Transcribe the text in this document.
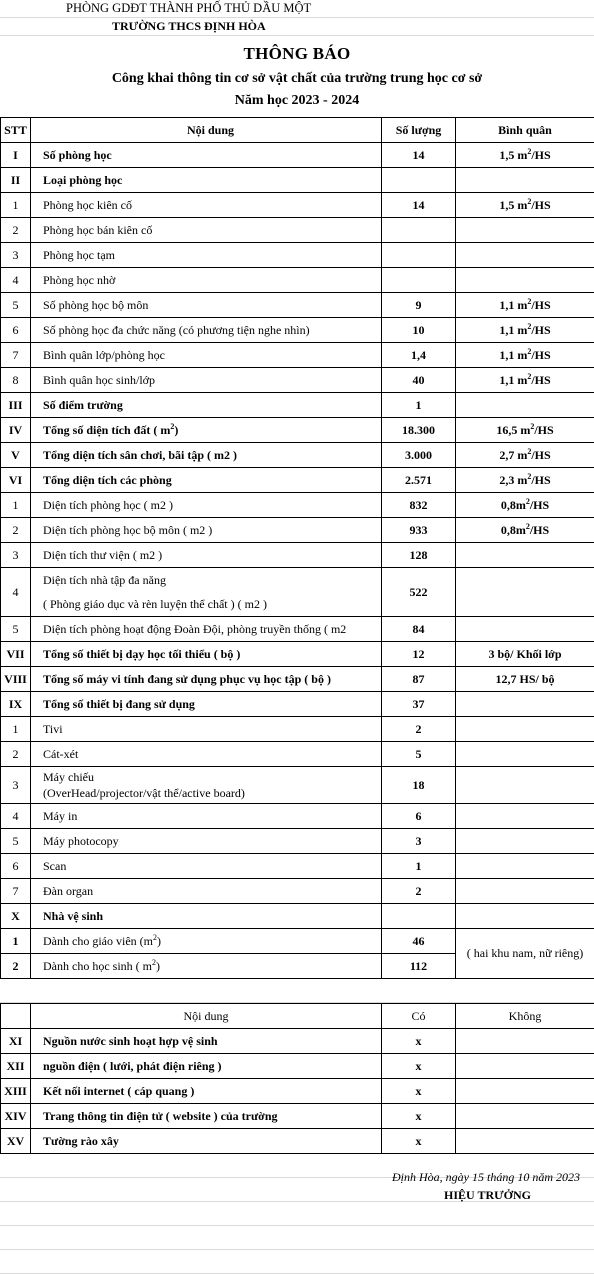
PHÒNG GDĐT THÀNH PHỐ THỦ DẦU MỘT
TRƯỜNG THCS ĐỊNH HÒA
THÔNG BÁO
Công khai thông tin cơ sở vật chất của trường trung học cơ sở
Năm học 2023 - 2024
STT	Nội dung	Số lượng	Bình quân
I	Số phòng học	14	1,5 $m^2/HS$
II	Loại phòng học		
1	Phòng học kiên cố	14	1,5 $m^2/HS$
2	Phòng học bán kiên cố		
3	Phòng học tạm		
4	Phòng học nhờ		
5	Số phòng học bộ môn	9	1,1 $m^2/HS$
6	Số phòng học đa chức năng (có phương tiện nghe nhìn)	10	1,1 $m^2/HS$
7	Bình quân lớp/phòng học	1,4	1,1 $m^2/HS$
8	Bình quân học sinh/lớp	40	1,1 $m^2/HS$
III	Số điểm trường	1	
IV	Tổng số diện tích đất ( $m^2$)	18.300	16,5 $m^2/HS$
V	Tổng diện tích sân chơi, bãi tập ( m2 )	3.000	2,7 $m^2/HS$
VI	Tổng diện tích các phòng	2.571	2,3 $m^2/HS$
1	Diện tích phòng học ( m2 )	832	$0,8m^2/HS$
2	Diện tích phòng học bộ môn ( m2 )	933	$0,8m^2/HS$
3	Diện tích thư viện ( m2 )	128	
4	Diện tích nhà tập đa năng
( Phòng giáo dục và rèn luyện thể chất ) ( m2 )	522	
5	Diện tích phòng hoạt động Đoàn Đội, phòng truyền thống ( m2	84	
VII	Tổng số thiết bị dạy học tối thiểu ( bộ )	12	3 bộ/ Khối lớp
VIII	Tổng số máy vi tính đang sử dụng phục vụ học tập ( bộ )	87	12,7 HS/ bộ
IX	Tổng số thiết bị đang sử dụng	37	
1	Tivi	2	
2	Cát-xét	5	
3	Máy chiếu
(OverHead/projector/vật thể/active board)	18	
4	Máy in	6	
5	Máy photocopy	3	
6	Scan	1	
7	Đàn organ	2	
X	Nhà vệ sinh		
1	Dành cho giáo viên $(m^2)$	46	( hai khu nam, nữ riêng)
2	Dành cho học sinh ( $m^2$)	112	
	Nội dung	Có	Không
XI	Nguồn nước sinh hoạt hợp vệ sinh	x	
XII	nguồn điện ( lưới, phát điện riêng )	x	
XIII	Kết nối internet ( cáp quang )	x	
XIV	Trang thông tin điện tử ( website ) của trường	x	
XV	Tường rào xây	x	
Định Hòa, ngày 15 tháng 10 năm 2023
HIỆU TRƯỞNG
